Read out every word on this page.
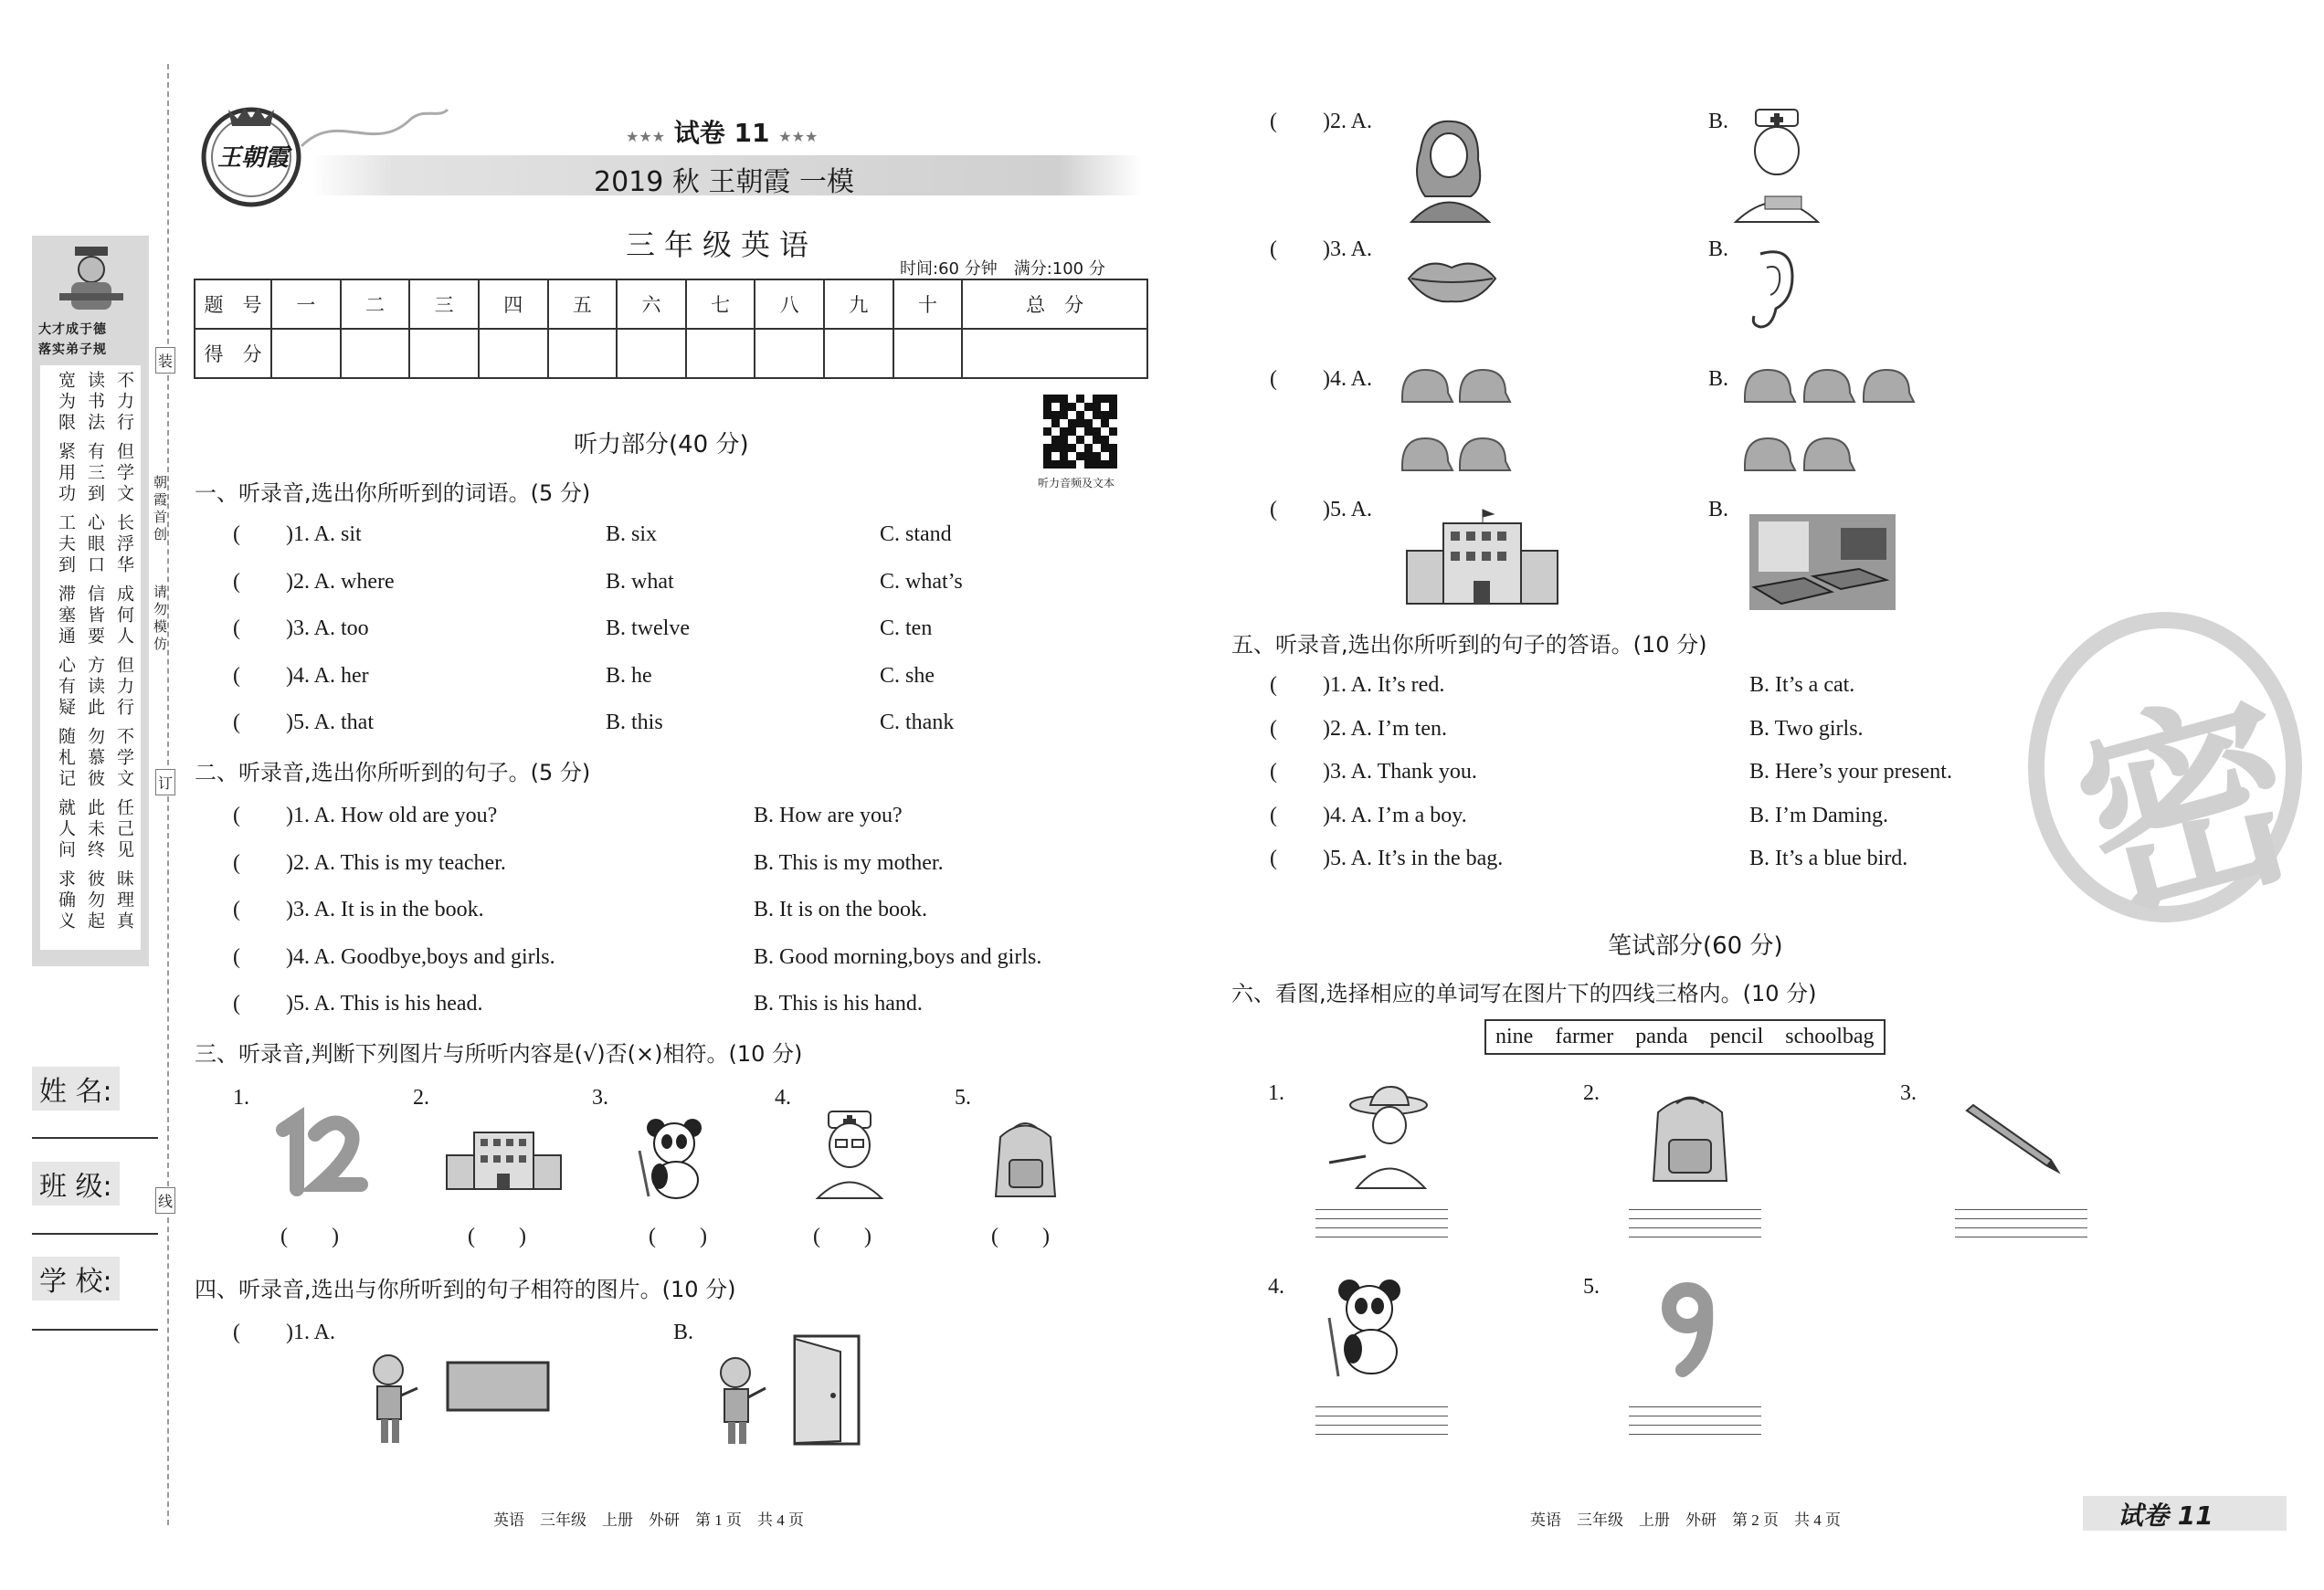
大才成于德
落实弟子规
宽为限
紧用功
工夫到
滞塞通
心有疑
随札记
就人问
求确义
读书法
有三到
心眼口
信皆要
方读此
勿慕彼
此未终
彼勿起
不力行
但学文
长浮华
成何人
但力行
不学文
任己见
昧理真
朝霞首创
请勿模仿
装
订
线
姓 名:
班 级:
学 校:
王朝霞
★★★ 试卷 11 ★★★
2019 秋 王朝霞 一模
三年级英语
时间:60 分钟　满分:100 分
题　号	一	二	三	四	五	六	七	八	九	十	总　分
得　分											
听力音频及文本
听力部分(40 分)
一、听录音,选出你所听到的词语。(5 分)
( )1. A. sit	B. six	C. stand
( )2. A. where	B. what	C. what’s
( )3. A. too	B. twelve	C. ten
( )4. A. her	B. he	C. she
( )5. A. that	B. this	C. thank
二、听录音,选出你所听到的句子。(5 分)
( )1. A. How old are you?	B. How are you?
( )2. A. This is my teacher.	B. This is my mother.
( )3. A. It is in the book.	B. It is on the book.
( )4. A. Goodbye,boys and girls.	B. Good morning,boys and girls.
( )5. A. This is his head.	B. This is his hand.
三、听录音,判断下列图片与所听内容是(√)否(×)相符。(10 分)
1.	2.	3.	4.	5.
(　　)	(　　)	(　　)	(　　)	(　　)
四、听录音,选出与你所听到的句子相符的图片。(10 分)
( )1. A.	B.
( )2. A.	B.
( )3. A.	B.
( )4. A.	B.
( )5. A.	B.
五、听录音,选出你所听到的句子的答语。(10 分)
( )1. A. It’s red.	B. It’s a cat.
( )2. A. I’m ten.	B. Two girls.
( )3. A. Thank you.	B. Here’s your present.
( )4. A. I’m a boy.	B. I’m Daming.
( )5. A. It’s in the bag.	B. It’s a blue bird.
笔试部分(60 分)
六、看图,选择相应的单词写在图片下的四线三格内。(10 分)
nine farmer panda pencil schoolbag
1.	2.	3.
4.	5.
密
英语　三年级　上册　外研　第 1 页　共 4 页	英语　三年级　上册　外研　第 2 页　共 4 页	试卷 11
